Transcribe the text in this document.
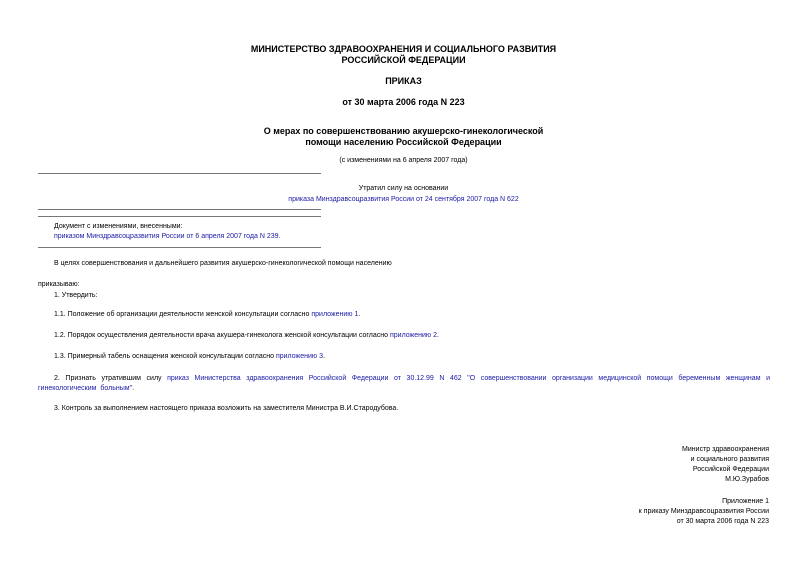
МИНИСТЕРСТВО ЗДРАВООХРАНЕНИЯ И СОЦИАЛЬНОГО РАЗВИТИЯ
РОССИЙСКОЙ ФЕДЕРАЦИИ
ПРИКАЗ
от 30 марта 2006 года N 223
О мерах по совершенствованию акушерско-гинекологической
помощи населению Российской Федерации
(с изменениями на 6 апреля 2007 года)
Утратил силу на основании
приказа Минздравсоцразвития России от 24 сентября 2007 года N 622
Документ с изменениями, внесенными:
приказом Минздравсоцразвития России от 6 апреля 2007 года N 239.
В целях совершенствования и дальнейшего развития акушерско-гинекологической помощи населению
приказываю:
1. Утвердить:
1.1. Положение об организации деятельности женской консультации согласно приложению 1.
1.2. Порядок осуществления деятельности врача акушера-гинеколога женской консультации согласно приложению 2.
1.3. Примерный табель оснащения женской консультации согласно приложению 3.
2. Признать утратившим силу приказ Министерства здравоохранения Российской Федерации от 30.12.99 N 462 "О совершенствовании организации медицинской помощи беременным женщинам и гинекологическим больным".
3. Контроль за выполнением настоящего приказа возложить на заместителя Министра В.И.Стародубова.
Министр здравоохранения
и социального развития
Российской Федерации
М.Ю.Зурабов
Приложение 1
к приказу Минздравсоцразвития России
от 30 марта 2006 года N 223
